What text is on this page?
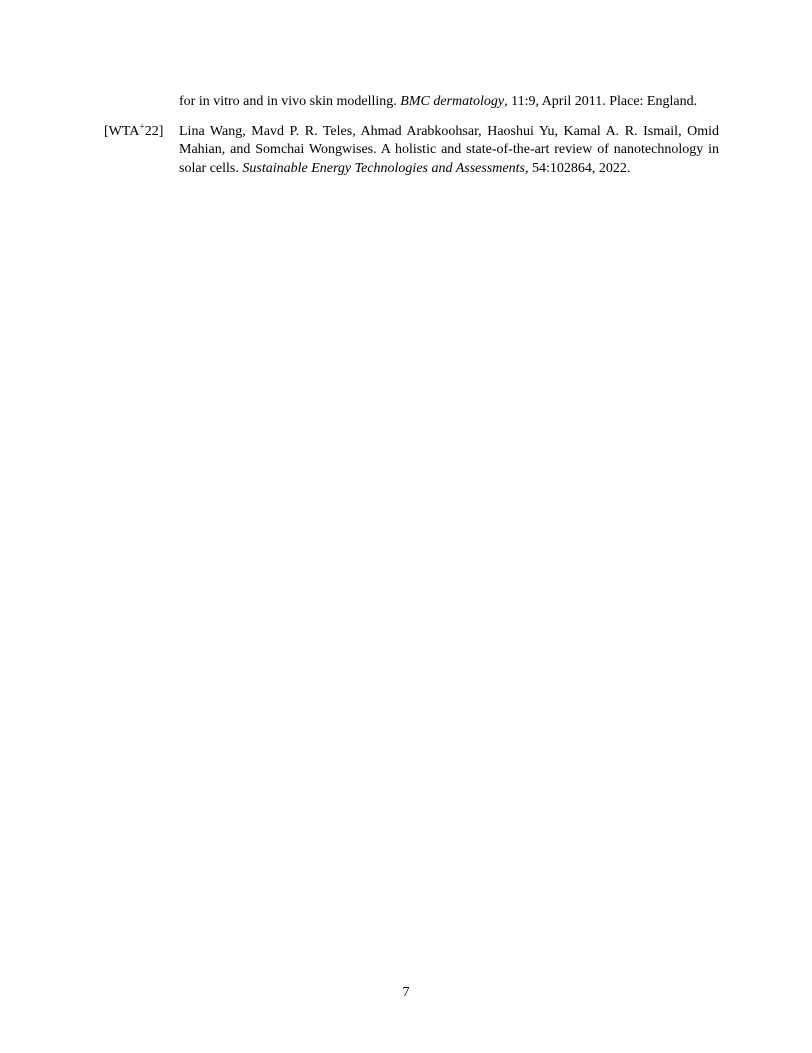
for in vitro and in vivo skin modelling. BMC dermatology, 11:9, April 2011. Place: England.
[WTA+22] Lina Wang, Mavd P. R. Teles, Ahmad Arabkoohsar, Haoshui Yu, Kamal A. R. Ismail, Omid Mahian, and Somchai Wongwises. A holistic and state-of-the-art review of nanotechnology in solar cells. Sustainable Energy Technologies and Assessments, 54:102864, 2022.
7
